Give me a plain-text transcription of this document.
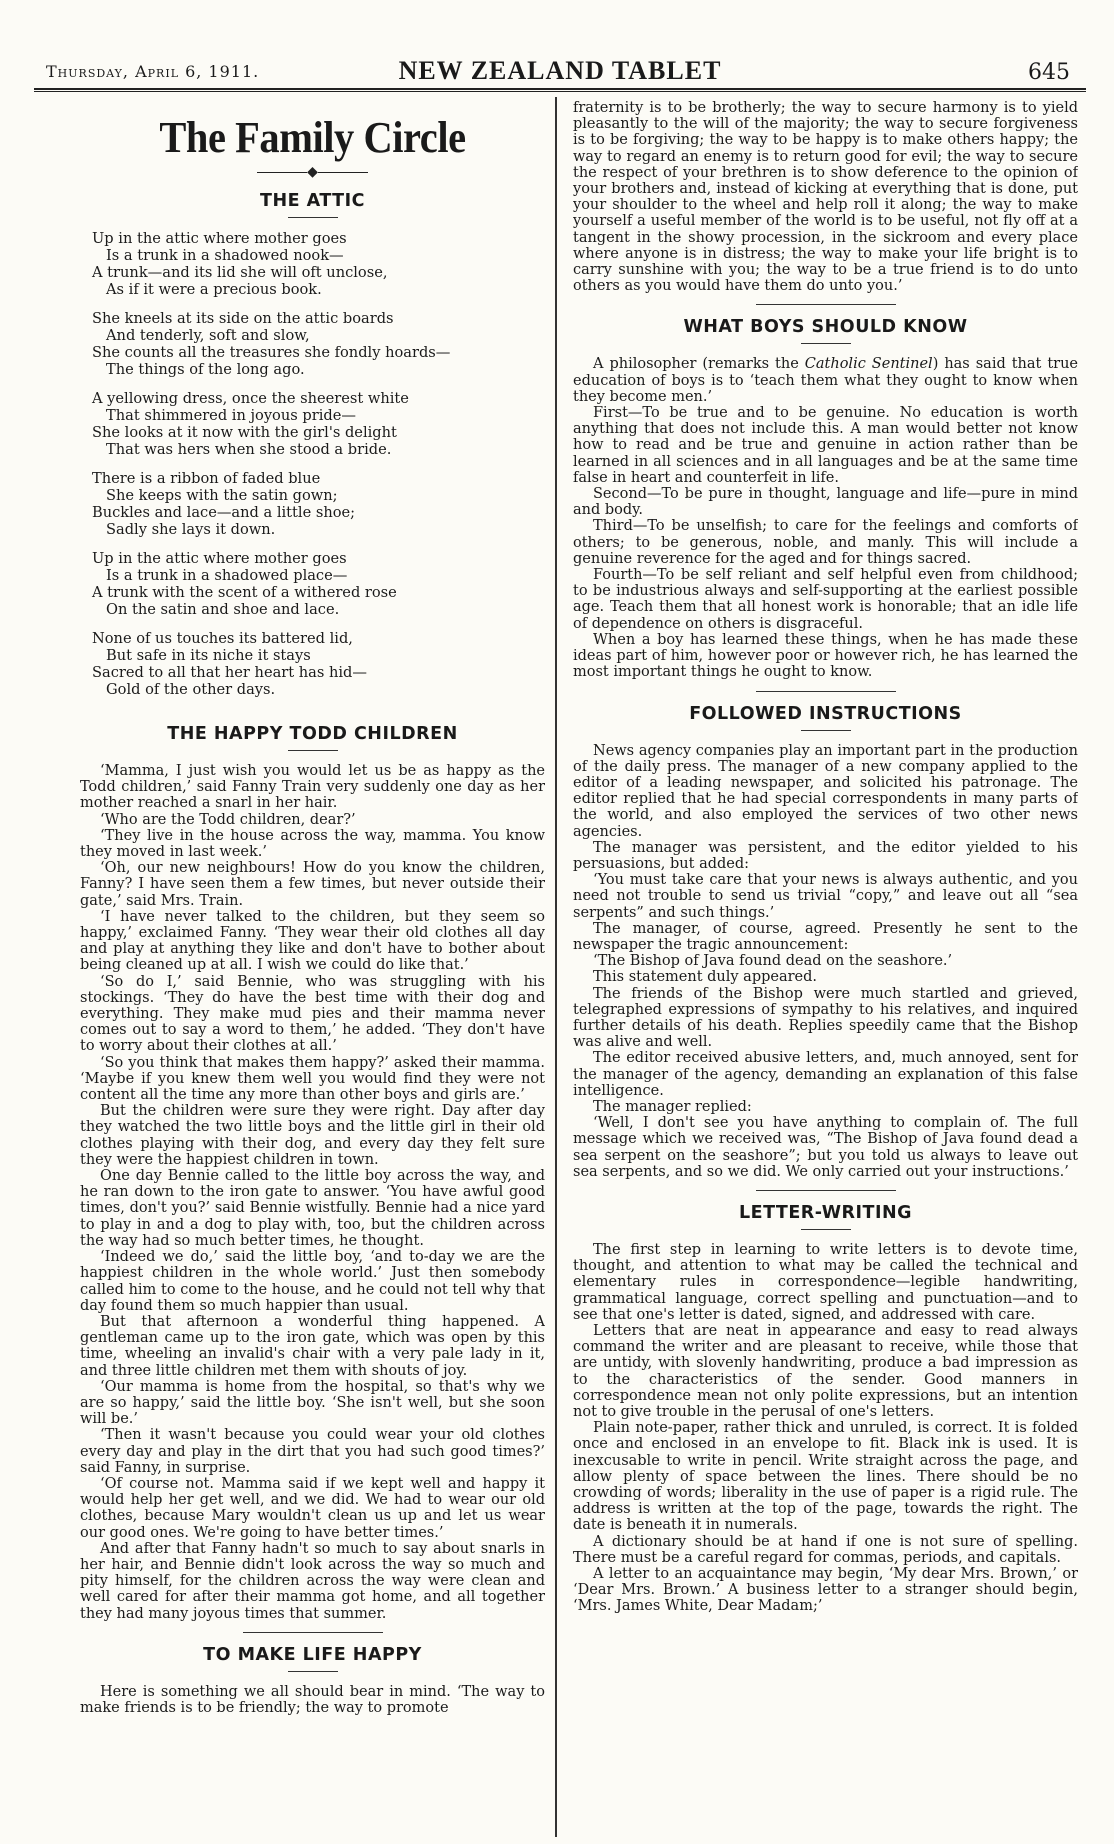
Thursday, April 6, 1911.	NEW ZEALAND TABLET	645
The Family Circle
◆
THE ATTIC
Up in the attic where mother goes
Is a trunk in a shadowed nook—
A trunk—and its lid she will oft unclose,
As if it were a precious book.
She kneels at its side on the attic boards
And tenderly, soft and slow,
She counts all the treasures she fondly hoards—
The things of the long ago.
A yellowing dress, once the sheerest white
That shimmered in joyous pride—
She looks at it now with the girl's delight
That was hers when she stood a bride.
There is a ribbon of faded blue
She keeps with the satin gown;
Buckles and lace—and a little shoe;
Sadly she lays it down.
Up in the attic where mother goes
Is a trunk in a shadowed place—
A trunk with the scent of a withered rose
On the satin and shoe and lace.
None of us touches its battered lid,
But safe in its niche it stays
Sacred to all that her heart has hid—
Gold of the other days.
THE HAPPY TODD CHILDREN

‘Mamma, I just wish you would let us be as happy as the Todd children,’ said Fanny Train very suddenly one day as her mother reached a snarl in her hair.

‘Who are the Todd children, dear?’

‘They live in the house across the way, mamma. You know they moved in last week.’

‘Oh, our new neighbours! How do you know the children, Fanny? I have seen them a few times, but never outside their gate,’ said Mrs. Train.

‘I have never talked to the children, but they seem so happy,’ exclaimed Fanny. ‘They wear their old clothes all day and play at anything they like and don't have to bother about being cleaned up at all. I wish we could do like that.’

‘So do I,’ said Bennie, who was struggling with his stockings. ‘They do have the best time with their dog and everything. They make mud pies and their mamma never comes out to say a word to them,’ he added. ‘They don't have to worry about their clothes at all.’

‘So you think that makes them happy?’ asked their mamma. ‘Maybe if you knew them well you would find they were not content all the time any more than other boys and girls are.’

But the children were sure they were right. Day after day they watched the two little boys and the little girl in their old clothes playing with their dog, and every day they felt sure they were the happiest children in town.

One day Bennie called to the little boy across the way, and he ran down to the iron gate to answer. ‘You have awful good times, don't you?’ said Bennie wistfully. Bennie had a nice yard to play in and a dog to play with, too, but the children across the way had so much better times, he thought.

‘Indeed we do,’ said the little boy, ‘and to-day we are the happiest children in the whole world.’ Just then somebody called him to come to the house, and he could not tell why that day found them so much happier than usual.

But that afternoon a wonderful thing happened. A gentleman came up to the iron gate, which was open by this time, wheeling an invalid's chair with a very pale lady in it, and three little children met them with shouts of joy.

‘Our mamma is home from the hospital, so that's why we are so happy,’ said the little boy. ‘She isn't well, but she soon will be.’

‘Then it wasn't because you could wear your old clothes every day and play in the dirt that you had such good times?’ said Fanny, in surprise.

‘Of course not. Mamma said if we kept well and happy it would help her get well, and we did. We had to wear our old clothes, because Mary wouldn't clean us up and let us wear our good ones. We're going to have better times.’

And after that Fanny hadn't so much to say about snarls in her hair, and Bennie didn't look across the way so much and pity himself, for the children across the way were clean and well cared for after their mamma got home, and all together they had many joyous times that summer.

TO MAKE LIFE HAPPY

Here is something we all should bear in mind. ‘The way to make friends is to be friendly; the way to promote

fraternity is to be brotherly; the way to secure harmony is to yield pleasantly to the will of the majority; the way to secure forgiveness is to be forgiving; the way to be happy is to make others happy; the way to regard an enemy is to return good for evil; the way to secure the respect of your brethren is to show deference to the opinion of your brothers and, instead of kicking at everything that is done, put your shoulder to the wheel and help roll it along; the way to make yourself a useful member of the world is to be useful, not fly off at a tangent in the showy procession, in the sickroom and every place where anyone is in distress; the way to make your life bright is to carry sunshine with you; the way to be a true friend is to do unto others as you would have them do unto you.’

WHAT BOYS SHOULD KNOW

A philosopher (remarks the Catholic Sentinel) has said that true education of boys is to ‘teach them what they ought to know when they become men.’

First—To be true and to be genuine. No education is worth anything that does not include this. A man would better not know how to read and be true and genuine in action rather than be learned in all sciences and in all languages and be at the same time false in heart and counterfeit in life.

Second—To be pure in thought, language and life—pure in mind and body.

Third—To be unselfish; to care for the feelings and comforts of others; to be generous, noble, and manly. This will include a genuine reverence for the aged and for things sacred.

Fourth—To be self reliant and self helpful even from childhood; to be industrious always and self-supporting at the earliest possible age. Teach them that all honest work is honorable; that an idle life of dependence on others is disgraceful.

When a boy has learned these things, when he has made these ideas part of him, however poor or however rich, he has learned the most important things he ought to know.

FOLLOWED INSTRUCTIONS

News agency companies play an important part in the production of the daily press. The manager of a new company applied to the editor of a leading newspaper, and solicited his patronage. The editor replied that he had special correspondents in many parts of the world, and also employed the services of two other news agencies.

The manager was persistent, and the editor yielded to his persuasions, but added:

‘You must take care that your news is always authentic, and you need not trouble to send us trivial “copy,” and leave out all “sea serpents” and such things.’

The manager, of course, agreed. Presently he sent to the newspaper the tragic announcement:

‘The Bishop of Java found dead on the seashore.’

This statement duly appeared.

The friends of the Bishop were much startled and grieved, telegraphed expressions of sympathy to his relatives, and inquired further details of his death. Replies speedily came that the Bishop was alive and well.

The editor received abusive letters, and, much annoyed, sent for the manager of the agency, demanding an explanation of this false intelligence.

The manager replied:

‘Well, I don't see you have anything to complain of. The full message which we received was, “The Bishop of Java found dead a sea serpent on the seashore”; but you told us always to leave out sea serpents, and so we did. We only carried out your instructions.’

LETTER-WRITING

The first step in learning to write letters is to devote time, thought, and attention to what may be called the technical and elementary rules in correspondence—legible handwriting, grammatical language, correct spelling and punctuation—and to see that one's letter is dated, signed, and addressed with care.

Letters that are neat in appearance and easy to read always command the writer and are pleasant to receive, while those that are untidy, with slovenly handwriting, produce a bad impression as to the characteristics of the sender. Good manners in correspondence mean not only polite expressions, but an intention not to give trouble in the perusal of one's letters.

Plain note-paper, rather thick and unruled, is correct. It is folded once and enclosed in an envelope to fit. Black ink is used. It is inexcusable to write in pencil. Write straight across the page, and allow plenty of space between the lines. There should be no crowding of words; liberality in the use of paper is a rigid rule. The address is written at the top of the page, towards the right. The date is beneath it in numerals.

A dictionary should be at hand if one is not sure of spelling. There must be a careful regard for commas, periods, and capitals.

A letter to an acquaintance may begin, ‘My dear Mrs. Brown,’ or ‘Dear Mrs. Brown.’ A business letter to a stranger should begin, ‘Mrs. James White, Dear Madam;’
